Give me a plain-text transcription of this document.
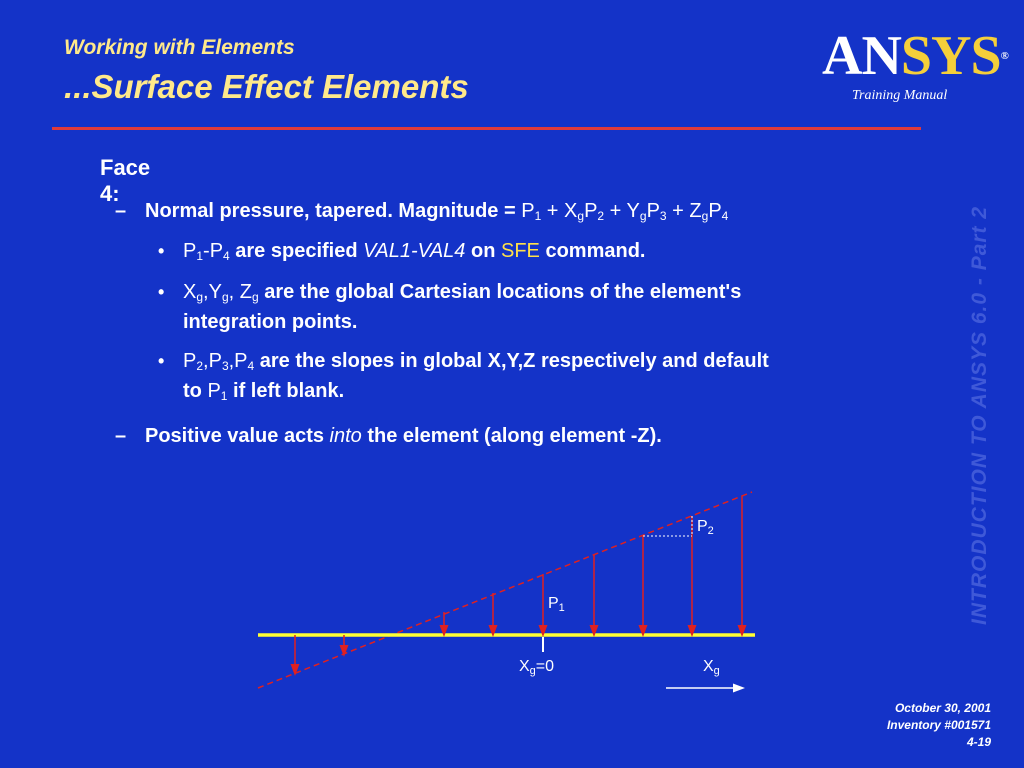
Working with Elements
...Surface Effect Elements	ANSYS®
Training Manual
INTRODUCTION TO ANSYS 6.0 - Part 2
Face 4:
– Normal pressure, tapered. Magnitude = $P_1 + X_gP_2 + Y_gP_3 + Z_gP_4$
• $P_1-P_4$ are specified VAL1-VAL4 on SFE command.
• $X_g,Y_g$, $Z_g$ are the global Cartesian locations of the element's
integration points.
• $P_2,P_3,P_4$ are the slopes in global X,Y,Z respectively and default
to $P_1$ if left blank.
– Positive value acts into the element (along element -Z).
$P_2$
$P_1$
$X_g=0$	$X_g$
October 30, 2001
Inventory #001571
4-19
